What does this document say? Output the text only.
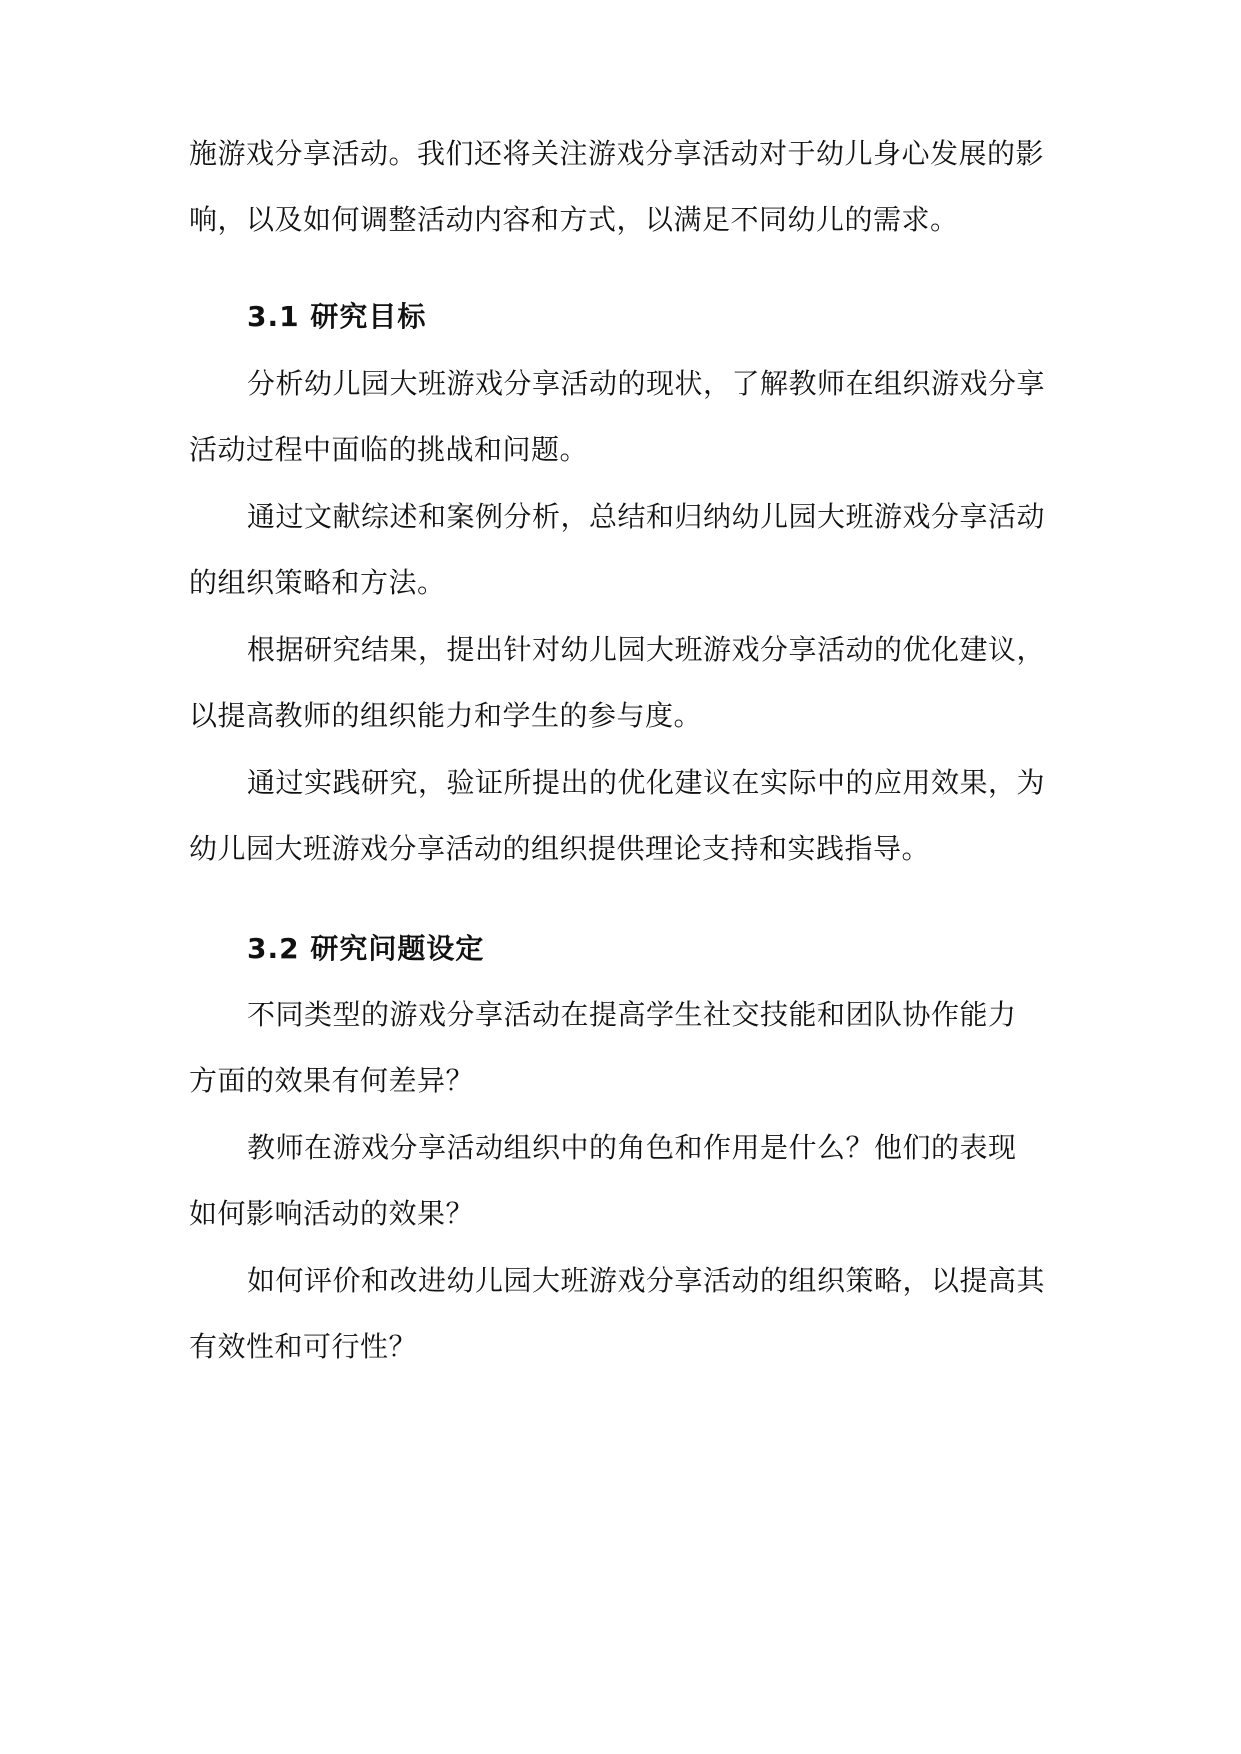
施游戏分享活动。我们还将关注游戏分享活动对于幼儿身心发展的影
响，以及如何调整活动内容和方式，以满足不同幼儿的需求。
3.1 研究目标
分析幼儿园大班游戏分享活动的现状，了解教师在组织游戏分享
活动过程中面临的挑战和问题。
通过文献综述和案例分析，总结和归纳幼儿园大班游戏分享活动
的组织策略和方法。
根据研究结果，提出针对幼儿园大班游戏分享活动的优化建议，
以提高教师的组织能力和学生的参与度。
通过实践研究，验证所提出的优化建议在实际中的应用效果，为
幼儿园大班游戏分享活动的组织提供理论支持和实践指导。
3.2 研究问题设定
不同类型的游戏分享活动在提高学生社交技能和团队协作能力
方面的效果有何差异？
教师在游戏分享活动组织中的角色和作用是什么？他们的表现
如何影响活动的效果？
如何评价和改进幼儿园大班游戏分享活动的组织策略，以提高其
有效性和可行性？
